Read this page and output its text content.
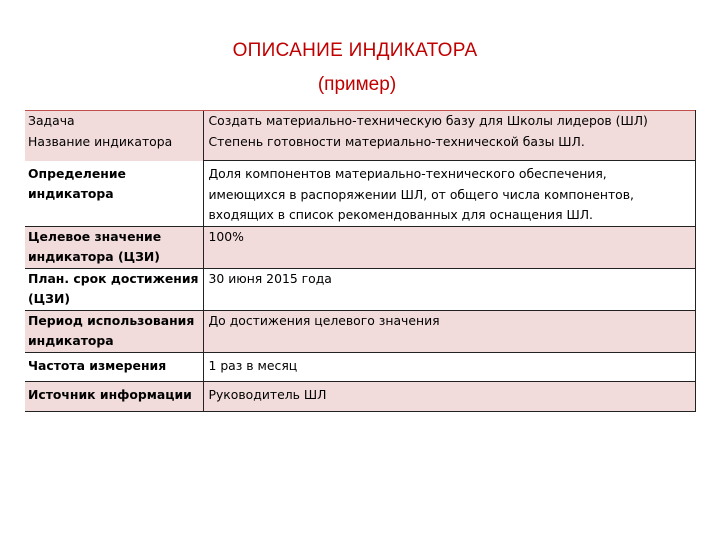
ОПИСАНИЕ ИНДИКАТОРА
(пример)
Задача
Название индикатора	Создать материально-техническую базу для Школы лидеров (ШЛ)
Степень готовности материально-технической базы ШЛ.

Определение
индикатора	Доля компонентов материально-технического обеспечения,
имеющихся в распоряжении ШЛ, от общего числа компонентов,
входящих в список рекомендованных для оснащения ШЛ.

Целевое значение
индикатора (ЦЗИ)	100%

План. срок достижения
(ЦЗИ)	30 июня 2015 года

Период использования
индикатора	До достижения целевого значения

Частота измерения	1 раз в месяц

Источник информации	Руководитель ШЛ
